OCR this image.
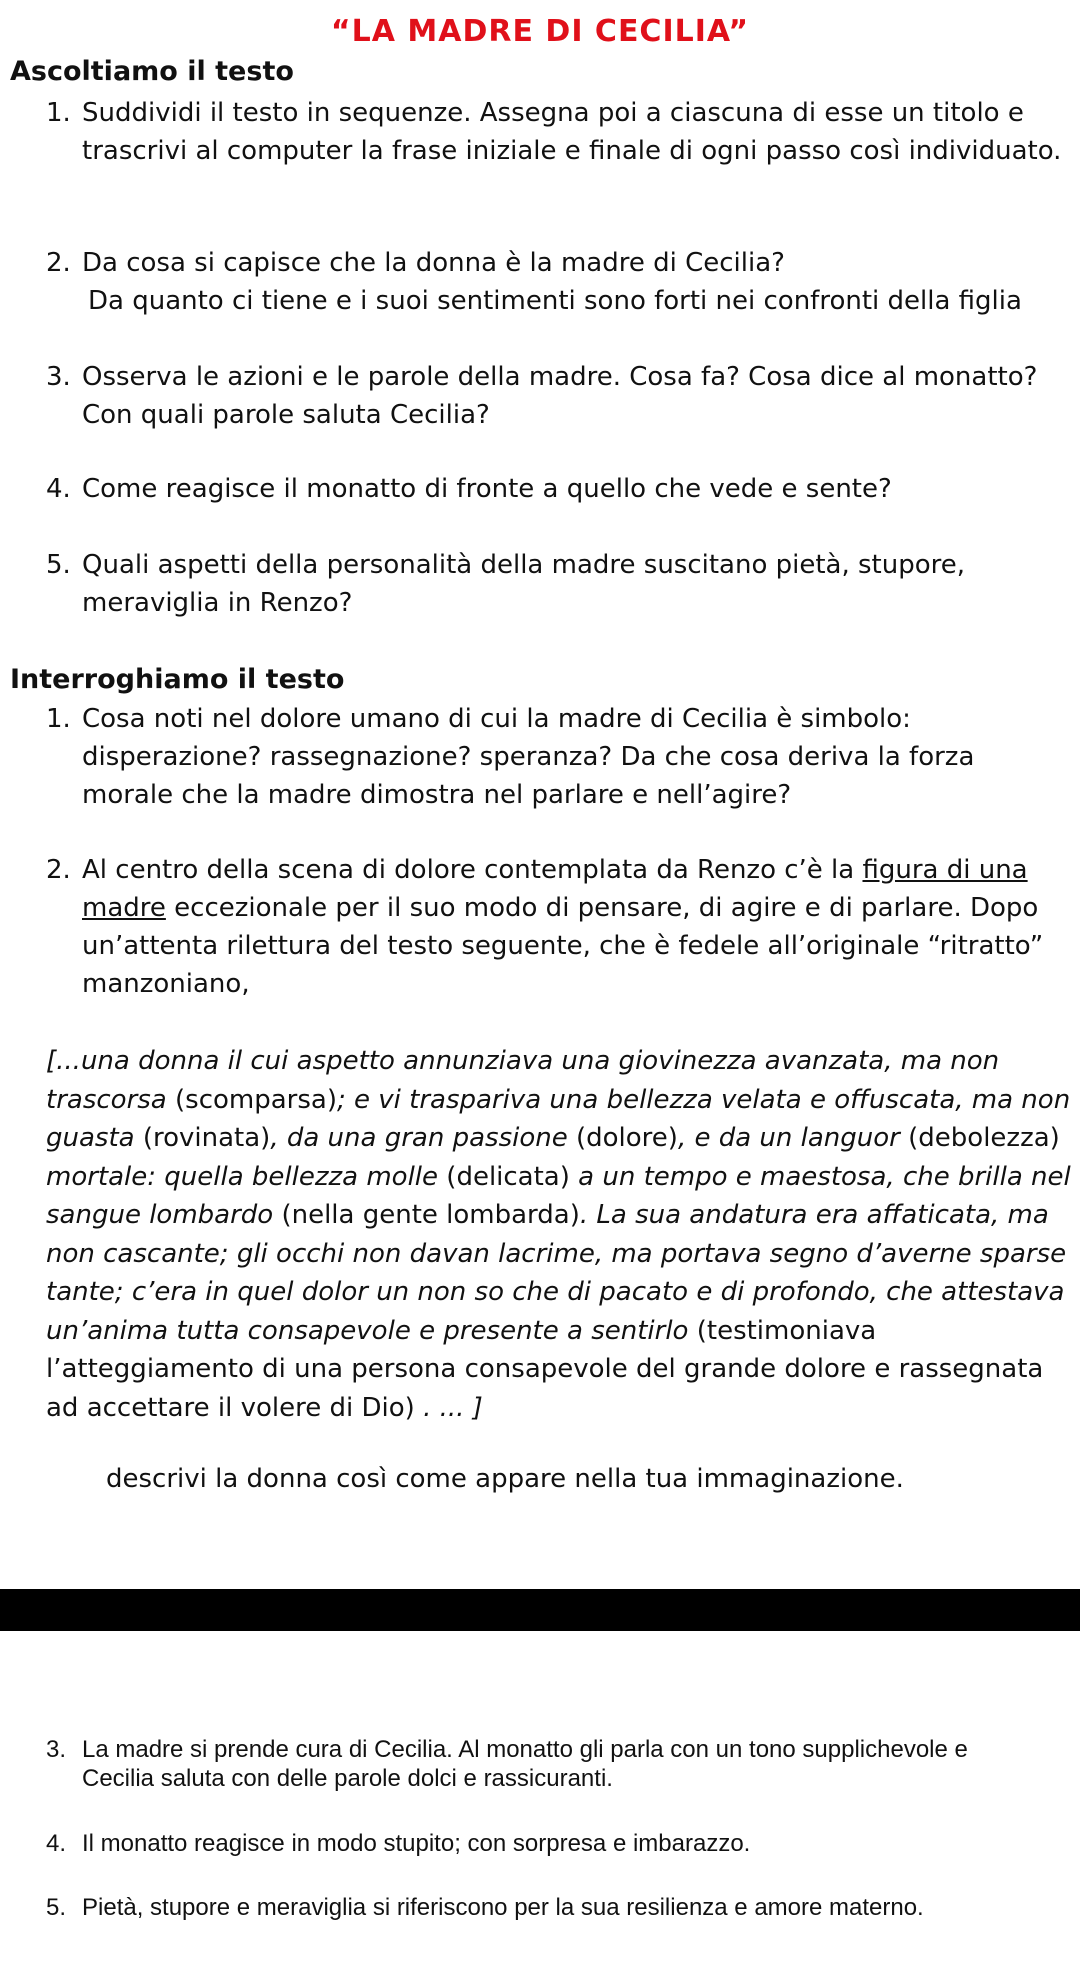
“LA MADRE DI CECILIA”
Ascoltiamo il testo
1. Suddividi il testo in sequenze. Assegna poi a ciascuna di esse un titolo e trascrivi al computer la frase iniziale e finale di ogni passo così individuato.
2. Da cosa si capisce che la donna è la madre di Cecilia?
Da quanto ci tiene e i suoi sentimenti sono forti nei confronti della figlia
3. Osserva le azioni e le parole della madre. Cosa fa? Cosa dice al monatto? Con quali parole saluta Cecilia?
4. Come reagisce il monatto di fronte a quello che vede e sente?
5. Quali aspetti della personalità della madre suscitano pietà, stupore, meraviglia in Renzo?
Interroghiamo il testo
1. Cosa noti nel dolore umano di cui la madre di Cecilia è simbolo: disperazione? rassegnazione? speranza? Da che cosa deriva la forza morale che la madre dimostra nel parlare e nell’agire?
2. Al centro della scena di dolore contemplata da Renzo c’è la figura di una madre eccezionale per il suo modo di pensare, di agire e di parlare. Dopo un’attenta rilettura del testo seguente, che è fedele all’originale “ritratto” manzoniano,
[...una donna il cui aspetto annunziava una giovinezza avanzata, ma non trascorsa (scomparsa); e vi traspariva una bellezza velata e offuscata, ma non guasta (rovinata), da una gran passione (dolore), e da un languor (debolezza) mortale: quella bellezza molle (delicata) a un tempo e maestosa, che brilla nel sangue lombardo (nella gente lombarda). La sua andatura era affaticata, ma non cascante; gli occhi non davan lacrime, ma portava segno d’averne sparse tante; c’era in quel dolor un non so che di pacato e di profondo, che attestava un’anima tutta consapevole e presente a sentirlo (testimoniava l’atteggiamento di una persona consapevole del grande dolore e rassegnata ad accettare il volere di Dio) . ... ]
descrivi la donna così come appare nella tua immaginazione.
3. La madre si prende cura di Cecilia. Al monatto gli parla con un tono supplichevole e Cecilia saluta con delle parole dolci e rassicuranti.
4. Il monatto reagisce in modo stupito; con sorpresa e imbarazzo.
5. Pietà, stupore e meraviglia si riferiscono per la sua resilienza e amore materno.
